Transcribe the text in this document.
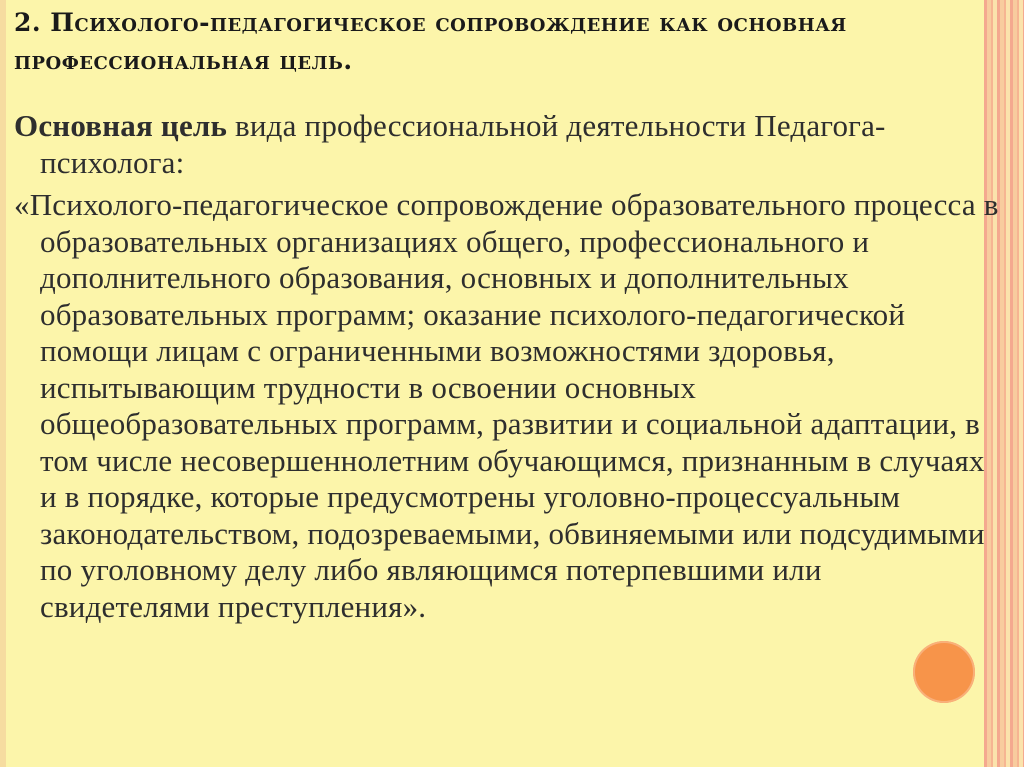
2. Психолого-педагогическое сопровождение как основная профессиональная цель.

Основная цель вида профессиональной деятельности Педагога-психолога:

«Психолого-педагогическое сопровождение образовательного процесса в образовательных организациях общего, профессионального и дополнительного образования, основных и дополнительных образовательных программ; оказание психолого-педагогической помощи лицам с ограниченными возможностями здоровья, испытывающим трудности в освоении основных общеобразовательных программ, развитии и социальной адаптации, в том числе несовершеннолетним обучающимся, признанным в случаях и в порядке, которые предусмотрены уголовно-процессуальным законодательством, подозреваемыми, обвиняемыми или подсудимыми по уголовному делу либо являющимся потерпевшими или свидетелями преступления».
